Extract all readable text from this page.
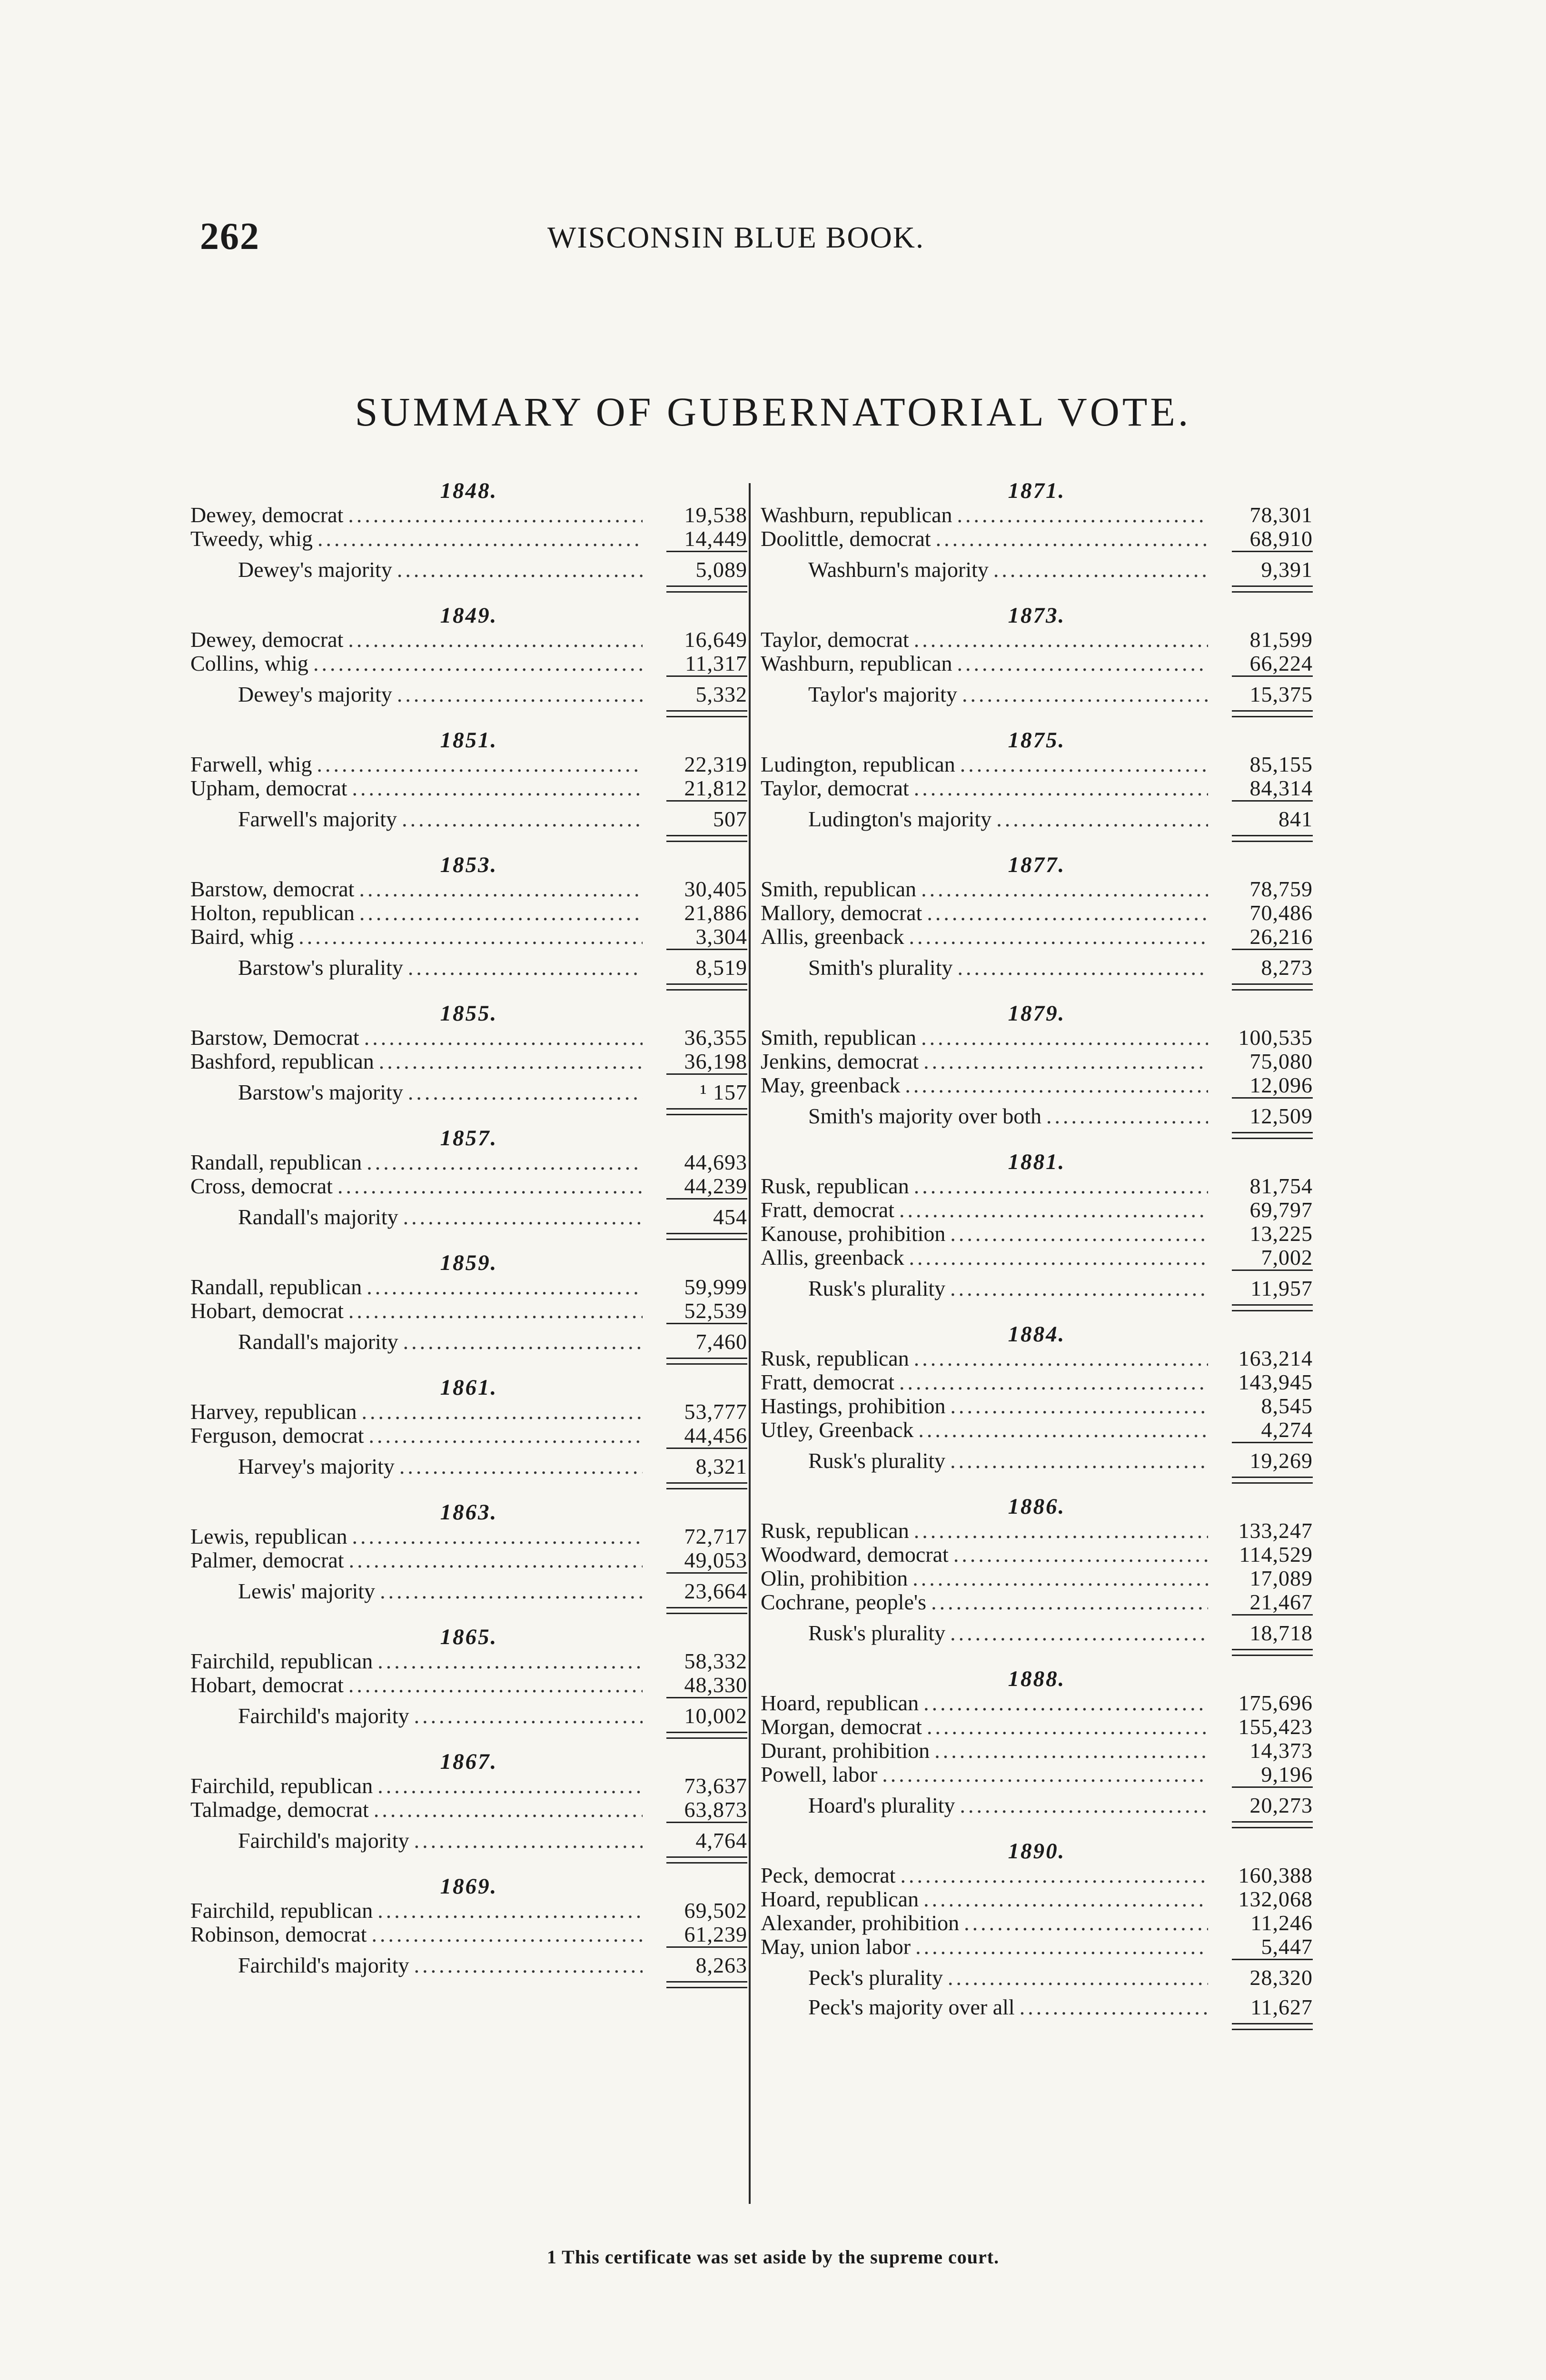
262	WISCONSIN BLUE BOOK.
SUMMARY OF GUBERNATORIAL VOTE.
1848.
Dewey, democrat .....	19,538
Tweedy, whig .....	14,449
Dewey's majority .....	5,089
1849.
Dewey, democrat .....	16,649
Collins, whig .....	11,317
Dewey's majority .....	5,332
1851.
Farwell, whig .....	22,319
Upham, democrat .....	21,812
Farwell's majority .....	507
1853.
Barstow, democrat .....	30,405
Holton, republican .....	21,886
Baird, whig .....	3,304
Barstow's plurality .....	8,519
1855.
Barstow, Democrat .....	36,355
Bashford, republican .....	36,198
Barstow's majority .....	¹ 157
1857.
Randall, republican .....	44,693
Cross, democrat .....	44,239
Randall's majority .....	454
1859.
Randall, republican .....	59,999
Hobart, democrat .....	52,539
Randall's majority .....	7,460
1861.
Harvey, republican .....	53,777
Ferguson, democrat .....	44,456
Harvey's majority .....	8,321
1863.
Lewis, republican .....	72,717
Palmer, democrat .....	49,053
Lewis' majority .....	23,664
1865.
Fairchild, republican .....	58,332
Hobart, democrat .....	48,330
Fairchild's majority .....	10,002
1867.
Fairchild, republican .....	73,637
Talmadge, democrat .....	63,873
Fairchild's majority .....	4,764
1869.
Fairchild, republican .....	69,502
Robinson, democrat .....	61,239
Fairchild's majority .....	8,263
1871.
Washburn, republican .....	78,301
Doolittle, democrat .....	68,910
Washburn's majority .....	9,391
1873.
Taylor, democrat .....	81,599
Washburn, republican .....	66,224
Taylor's majority .....	15,375
1875.
Ludington, republican .....	85,155
Taylor, democrat .....	84,314
Ludington's majority .....	841
1877.
Smith, republican .....	78,759
Mallory, democrat .....	70,486
Allis, greenback .....	26,216
Smith's plurality .....	8,273
1879.
Smith, republican .....	100,535
Jenkins, democrat .....	75,080
May, greenback .....	12,096
Smith's majority over both .....	12,509
1881.
Rusk, republican .....	81,754
Fratt, democrat .....	69,797
Kanouse, prohibition .....	13,225
Allis, greenback .....	7,002
Rusk's plurality .....	11,957
1884.
Rusk, republican .....	163,214
Fratt, democrat .....	143,945
Hastings, prohibition .....	8,545
Utley, Greenback .....	4,274
Rusk's plurality .....	19,269
1886.
Rusk, republican .....	133,247
Woodward, democrat .....	114,529
Olin, prohibition .....	17,089
Cochrane, people's .....	21,467
Rusk's plurality .....	18,718
1888.
Hoard, republican .....	175,696
Morgan, democrat .....	155,423
Durant, prohibition .....	14,373
Powell, labor .....	9,196
Hoard's plurality .....	20,273
1890.
Peck, democrat .....	160,388
Hoard, republican .....	132,068
Alexander, prohibition .....	11,246
May, union labor .....	5,447
Peck's plurality .....	28,320
Peck's majority over all .....	11,627
1 This certificate was set aside by the supreme court.
